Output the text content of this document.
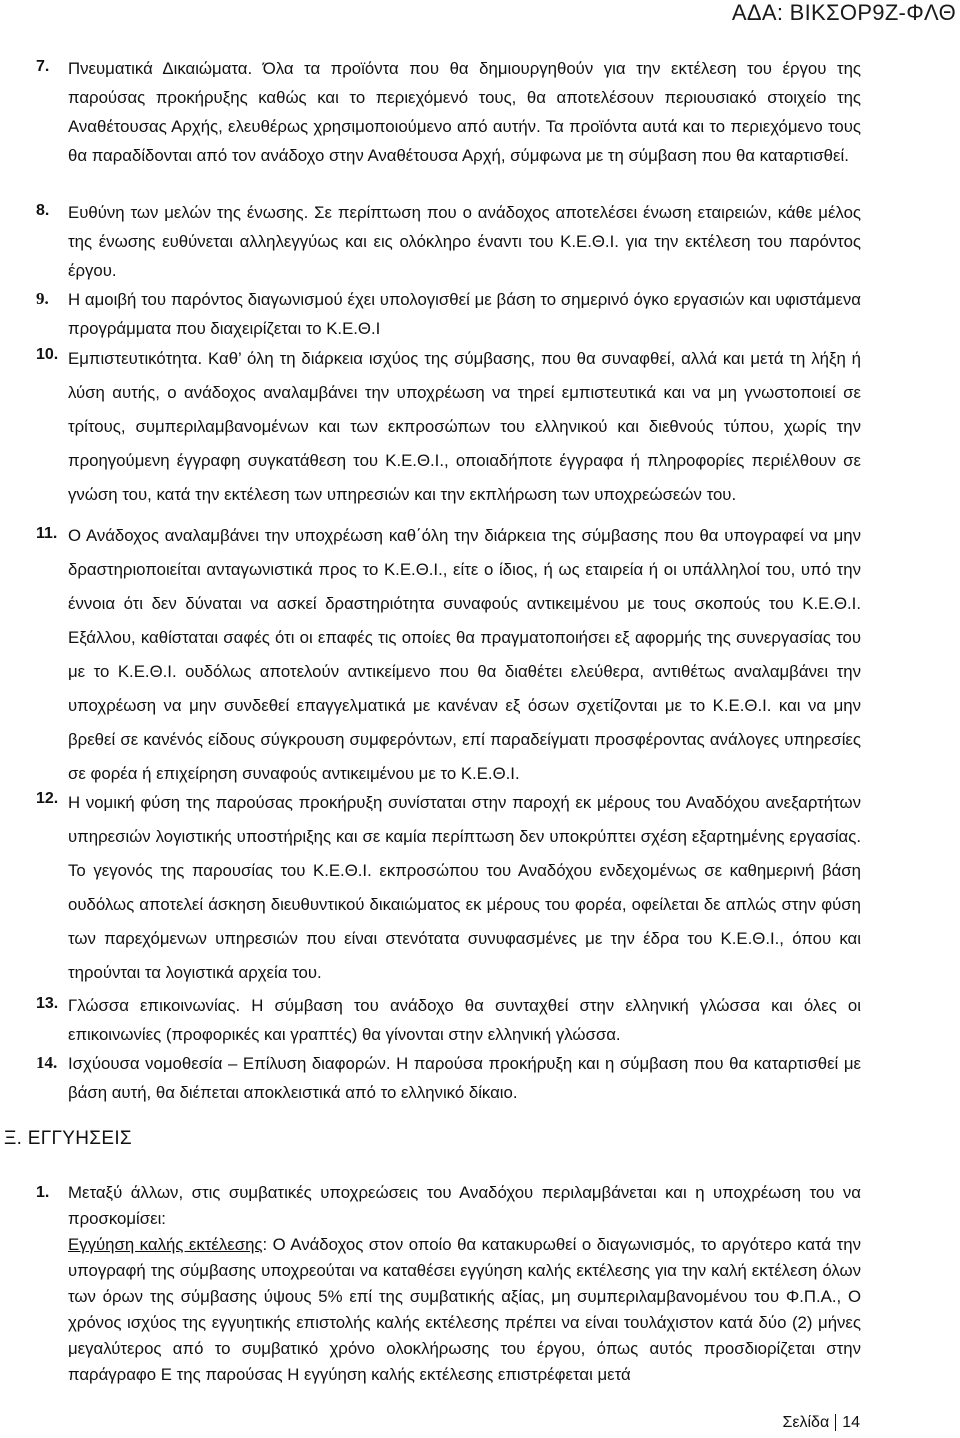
ΑΔΑ: ΒΙΚΣΟΡ9Ζ-ΦΛΘ
7. Πνευματικά Δικαιώματα. Όλα τα προϊόντα που θα δημιουργηθούν για την εκτέλεση του έργου της παρούσας προκήρυξης καθώς και το περιεχόμενό τους, θα αποτελέσουν περιουσιακό στοιχείο της Αναθέτουσας Αρχής, ελευθέρως χρησιμοποιούμενο από αυτήν. Τα προϊόντα αυτά και το περιεχόμενο τους θα παραδίδονται από τον ανάδοχο στην Αναθέτουσα Αρχή, σύμφωνα με τη σύμβαση που θα καταρτισθεί.
8. Ευθύνη των μελών της ένωσης. Σε περίπτωση που ο ανάδοχος αποτελέσει ένωση εταιρειών, κάθε μέλος της ένωσης ευθύνεται αλληλεγγύως και εις ολόκληρο έναντι του Κ.Ε.Θ.Ι. για την εκτέλεση του παρόντος έργου.
9. Η αμοιβή του παρόντος διαγωνισμού έχει υπολογισθεί με βάση το σημερινό όγκο εργασιών και υφιστάμενα προγράμματα που διαχειρίζεται το Κ.Ε.Θ.Ι
10. Εμπιστευτικότητα. Καθ’ όλη τη διάρκεια ισχύος της σύμβασης, που θα συναφθεί, αλλά και μετά τη λήξη ή λύση αυτής, ο ανάδοχος αναλαμβάνει την υποχρέωση να τηρεί εμπιστευτικά και να μη γνωστοποιεί σε τρίτους, συμπεριλαμβανομένων και των εκπροσώπων του ελληνικού και διεθνούς τύπου, χωρίς την προηγούμενη έγγραφη συγκατάθεση του Κ.Ε.Θ.Ι., οποιαδήποτε έγγραφα ή πληροφορίες περιέλθουν σε γνώση του, κατά την εκτέλεση των υπηρεσιών και την εκπλήρωση των υποχρεώσεών του.
11. Ο Ανάδοχος αναλαμβάνει την υποχρέωση καθ΄όλη την διάρκεια της σύμβασης που θα υπογραφεί να μην δραστηριοποιείται ανταγωνιστικά προς το Κ.Ε.Θ.Ι., είτε ο ίδιος, ή ως εταιρεία ή οι υπάλληλοί του, υπό την έννοια ότι δεν δύναται να ασκεί δραστηριότητα συναφούς αντικειμένου με τους σκοπούς του Κ.Ε.Θ.Ι. Εξάλλου, καθίσταται σαφές ότι οι επαφές τις οποίες θα πραγματοποιήσει εξ αφορμής της συνεργασίας του με το Κ.Ε.Θ.Ι. ουδόλως αποτελούν αντικείμενο που θα διαθέτει ελεύθερα, αντιθέτως αναλαμβάνει την υποχρέωση να μην συνδεθεί επαγγελματικά με κανέναν εξ όσων σχετίζονται με το Κ.Ε.Θ.Ι. και να μην βρεθεί σε κανένός είδους σύγκρουση συμφερόντων, επί παραδείγματι προσφέροντας ανάλογες υπηρεσίες σε φορέα ή επιχείρηση συναφούς αντικειμένου με το Κ.Ε.Θ.Ι.
12. Η νομική φύση της παρούσας προκήρυξη συνίσταται στην παροχή εκ μέρους του Αναδόχου ανεξαρτήτων υπηρεσιών λογιστικής υποστήριξης και σε καμία περίπτωση δεν υποκρύπτει σχέση εξαρτημένης εργασίας. Το γεγονός της παρουσίας του Κ.Ε.Θ.Ι. εκπροσώπου του Αναδόχου ενδεχομένως σε καθημερινή βάση ουδόλως αποτελεί άσκηση διευθυντικού δικαιώματος εκ μέρους του φορέα, οφείλεται δε απλώς στην φύση των παρεχόμενων υπηρεσιών που είναι στενότατα συνυφασμένες με την έδρα του Κ.Ε.Θ.Ι., όπου και τηρούνται τα λογιστικά αρχεία του.
13. Γλώσσα επικοινωνίας. Η σύμβαση του ανάδοχο θα συνταχθεί στην ελληνική γλώσσα και όλες οι επικοινωνίες (προφορικές και γραπτές) θα γίνονται στην ελληνική γλώσσα.
14. Ισχύουσα νομοθεσία – Επίλυση διαφορών. Η παρούσα προκήρυξη και η σύμβαση που θα καταρτισθεί με βάση αυτή, θα διέπεται αποκλειστικά από το ελληνικό δίκαιο.
Ξ. ΕΓΓΥΗΣΕΙΣ
1. Μεταξύ άλλων, στις συμβατικές υποχρεώσεις του Αναδόχου περιλαμβάνεται και η υποχρέωση του να προσκομίσει:
Εγγύηση καλής εκτέλεσης: Ο Ανάδοχος στον οποίο θα κατακυρωθεί ο διαγωνισμός, το αργότερο κατά την υπογραφή της σύμβασης υποχρεούται να καταθέσει εγγύηση καλής εκτέλεσης για την καλή εκτέλεση όλων των όρων της σύμβασης ύψους 5% επί της συμβατικής αξίας, μη συμπεριλαμβανομένου του Φ.Π.Α., Ο χρόνος ισχύος της εγγυητικής επιστολής καλής εκτέλεσης πρέπει να είναι τουλάχιστον κατά δύο (2) μήνες μεγαλύτερος από το συμβατικό χρόνο ολοκλήρωσης του έργου, όπως αυτός προσδιορίζεται στην παράγραφο Ε της παρούσας Η εγγύηση καλής εκτέλεσης επιστρέφεται μετά
Σελίδα 14
